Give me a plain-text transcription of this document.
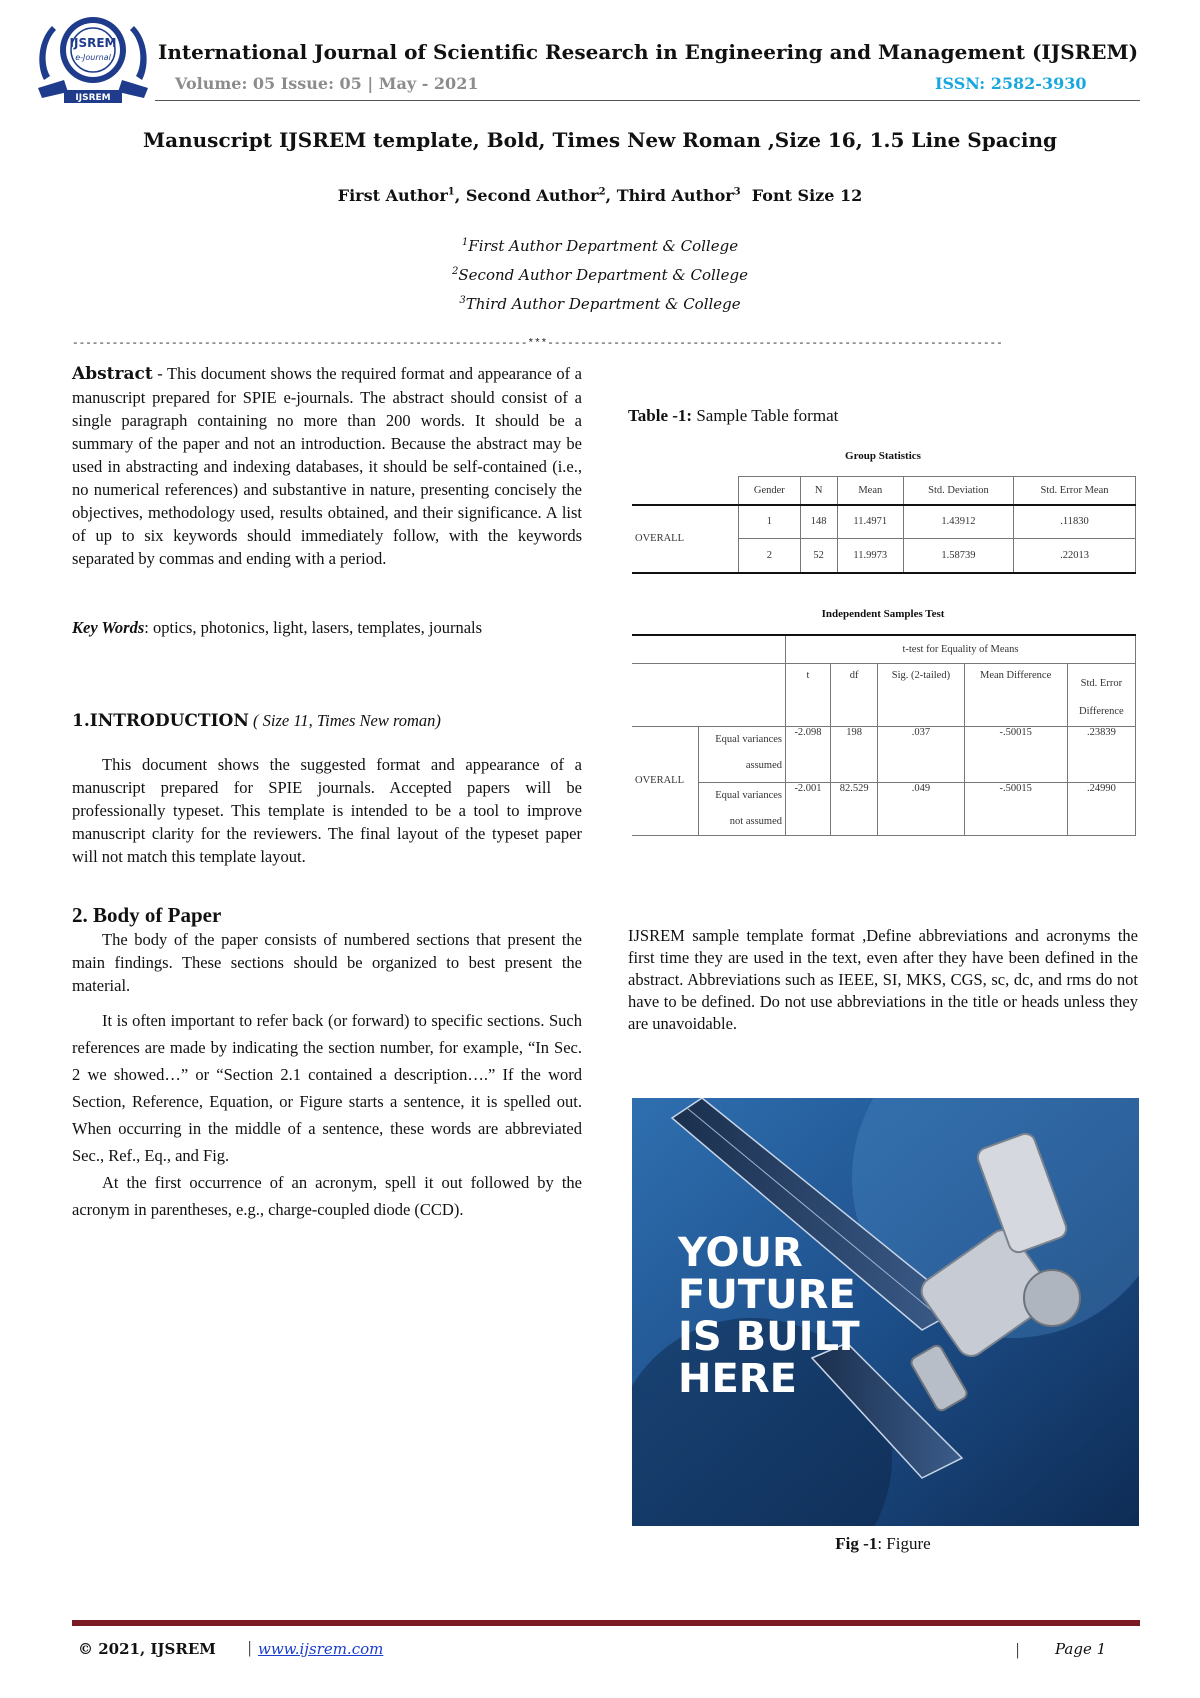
IJSREM
e-Journal
IJSREM
International Journal of Scientific Research in Engineering and Management (IJSREM)
Volume: 05 Issue: 05 | May - 2021	ISSN: 2582-3930
Manuscript IJSREM template, Bold, Times New Roman ,Size 16, 1.5 Line Spacing
First Author$^1$, Second Author$^2$, Third Author$^3$ Font Size 12
$^1$First Author Department & College
$^2$Second Author Department & College
$^3$Third Author Department & College
---------------------------------------------------------------------***---------------------------------------------------------------------

Abstract - This document shows the required format and appearance of a manuscript prepared for SPIE e-journals. The abstract should consist of a single paragraph containing no more than 200 words. It should be a summary of the paper and not an introduction. Because the abstract may be used in abstracting and indexing databases, it should be self-contained (i.e., no numerical references) and substantive in nature, presenting concisely the objectives, methodology used, results obtained, and their significance. A list of up to six keywords should immediately follow, with the keywords separated by commas and ending with a period.

Key Words: optics, photonics, light, lasers, templates, journals

1.INTRODUCTION ( Size 11, Times New roman)

This document shows the suggested format and appearance of a manuscript prepared for SPIE journals. Accepted papers will be professionally typeset. This template is intended to be a tool to improve manuscript clarity for the reviewers. The final layout of the typeset paper will not match this template layout.

2. Body of Paper

The body of the paper consists of numbered sections that present the main findings. These sections should be organized to best present the material.

It is often important to refer back (or forward) to specific sections. Such references are made by indicating the section number, for example, “In Sec. 2 we showed…” or “Section 2.1 contained a description….” If the word Section, Reference, Equation, or Figure starts a sentence, it is spelled out. When occurring in the middle of a sentence, these words are abbreviated Sec., Ref., Eq., and Fig.

At the first occurrence of an acronym, spell it out followed by the acronym in parentheses, e.g., charge-coupled diode (CCD).

Table -1: Sample Table format
Group Statistics
	Gender	N	Mean	Std. Deviation	Std. Error Mean
OVERALL	1	148	11.4971	1.43912	.11830
	2	52	11.9973	1.58739	.22013
Independent Samples Test
		t-test for Equality of Means				
		t	df	Sig. (2-tailed)	Mean Difference	Std. Error
Difference
OVERALL	Equal variances
assumed	-2.098	198	.037	-.50015	.23839
	Equal variances
not assumed	-2.001	82.529	.049	-.50015	.24990

IJSREM sample template format ,Define abbreviations and acronyms the first time they are used in the text, even after they have been defined in the abstract. Abbreviations such as IEEE, SI, MKS, CGS, sc, dc, and rms do not have to be defined. Do not use abbreviations in the title or heads unless they are unavoidable.

YOUR
FUTURE
IS BUILT
HERE
Fig -1: Figure
© 2021, IJSREM | www.ijsrem.com	| Page 1
